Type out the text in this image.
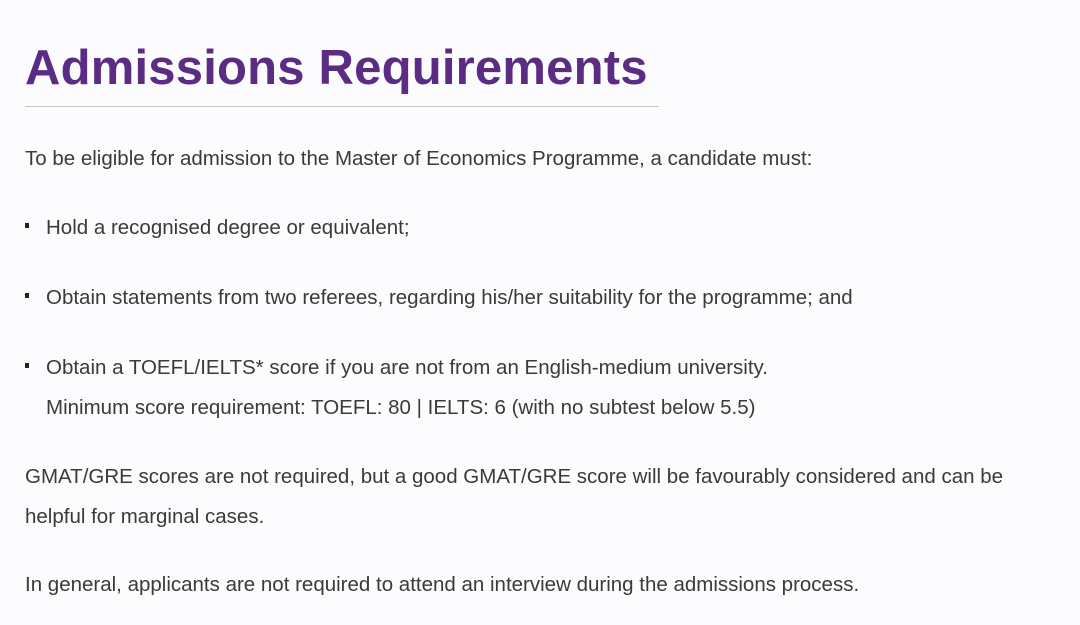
Admissions Requirements

To be eligible for admission to the Master of Economics Programme, a candidate must:

Hold a recognised degree or equivalent;
Obtain statements from two referees, regarding his/her suitability for the programme; and
Obtain a TOEFL/IELTS* score if you are not from an English-medium university.
Minimum score requirement: TOEFL: 80 | IELTS: 6 (with no subtest below 5.5)

GMAT/GRE scores are not required, but a good GMAT/GRE score will be favourably considered and can be helpful for marginal cases.

In general, applicants are not required to attend an interview during the admissions process.
